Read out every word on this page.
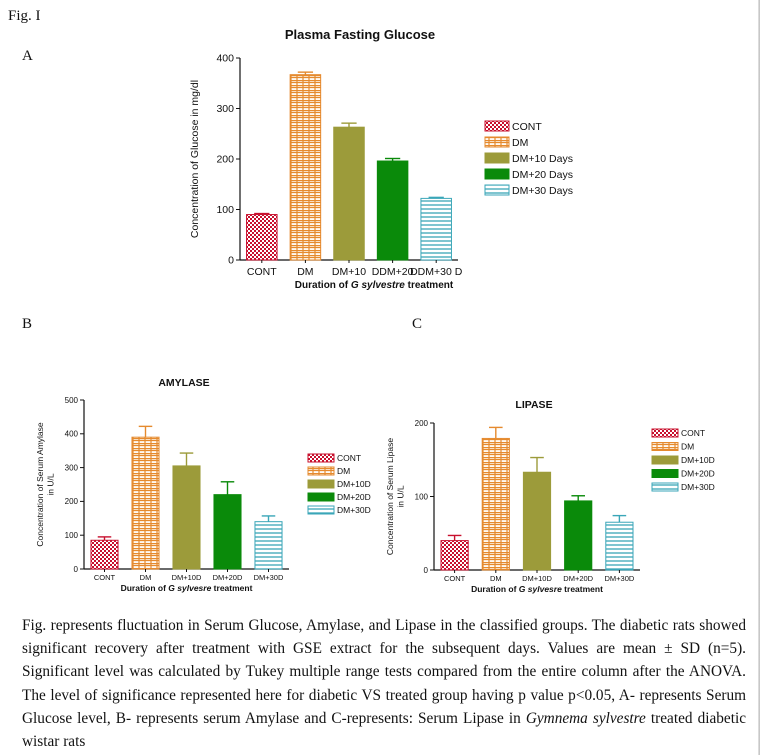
Fig. I
A
B	C
Plasma Fasting Glucose
0
100
200
300
400
Concentration of Glucose in mg/dl
CONT DM DM+10 DDM+20
DDM+30 D
Duration of G sylvestre treatment
CONT
DM
DM+10 Days
DM+20 Days
DM+30 Days
AMYLASE
0
100
200
300
400
500
Concentration of Serum Amylasein U/L
CONT	DM	DM+10D DM+20D DM+30D
Duration of G sylvesre treatment
CONT
DM
DM+10D
DM+20D
DM+30D
LIPASE
0
100
200
Concentration of Serum Lipasein U/L
CONT	DM	DM+10D DM+20D DM+30D
Duration of G sylvesre treatment
CONT
DM
DM+10D
DM+20D
DM+30D
Fig. represents fluctuation in Serum Glucose, Amylase, and Lipase in the classified groups. The diabetic rats showed significant recovery after treatment with GSE extract for the subsequent days. Values are mean ± SD (n=5). Significant level was calculated by Tukey multiple range tests compared from the entire column after the ANOVA. The level of significance represented here for diabetic VS treated group having p value p<0.05, A- represents Serum Glucose level, B- represents serum Amylase and C-represents: Serum Lipase in Gymnema sylvestre treated diabetic wistar rats
